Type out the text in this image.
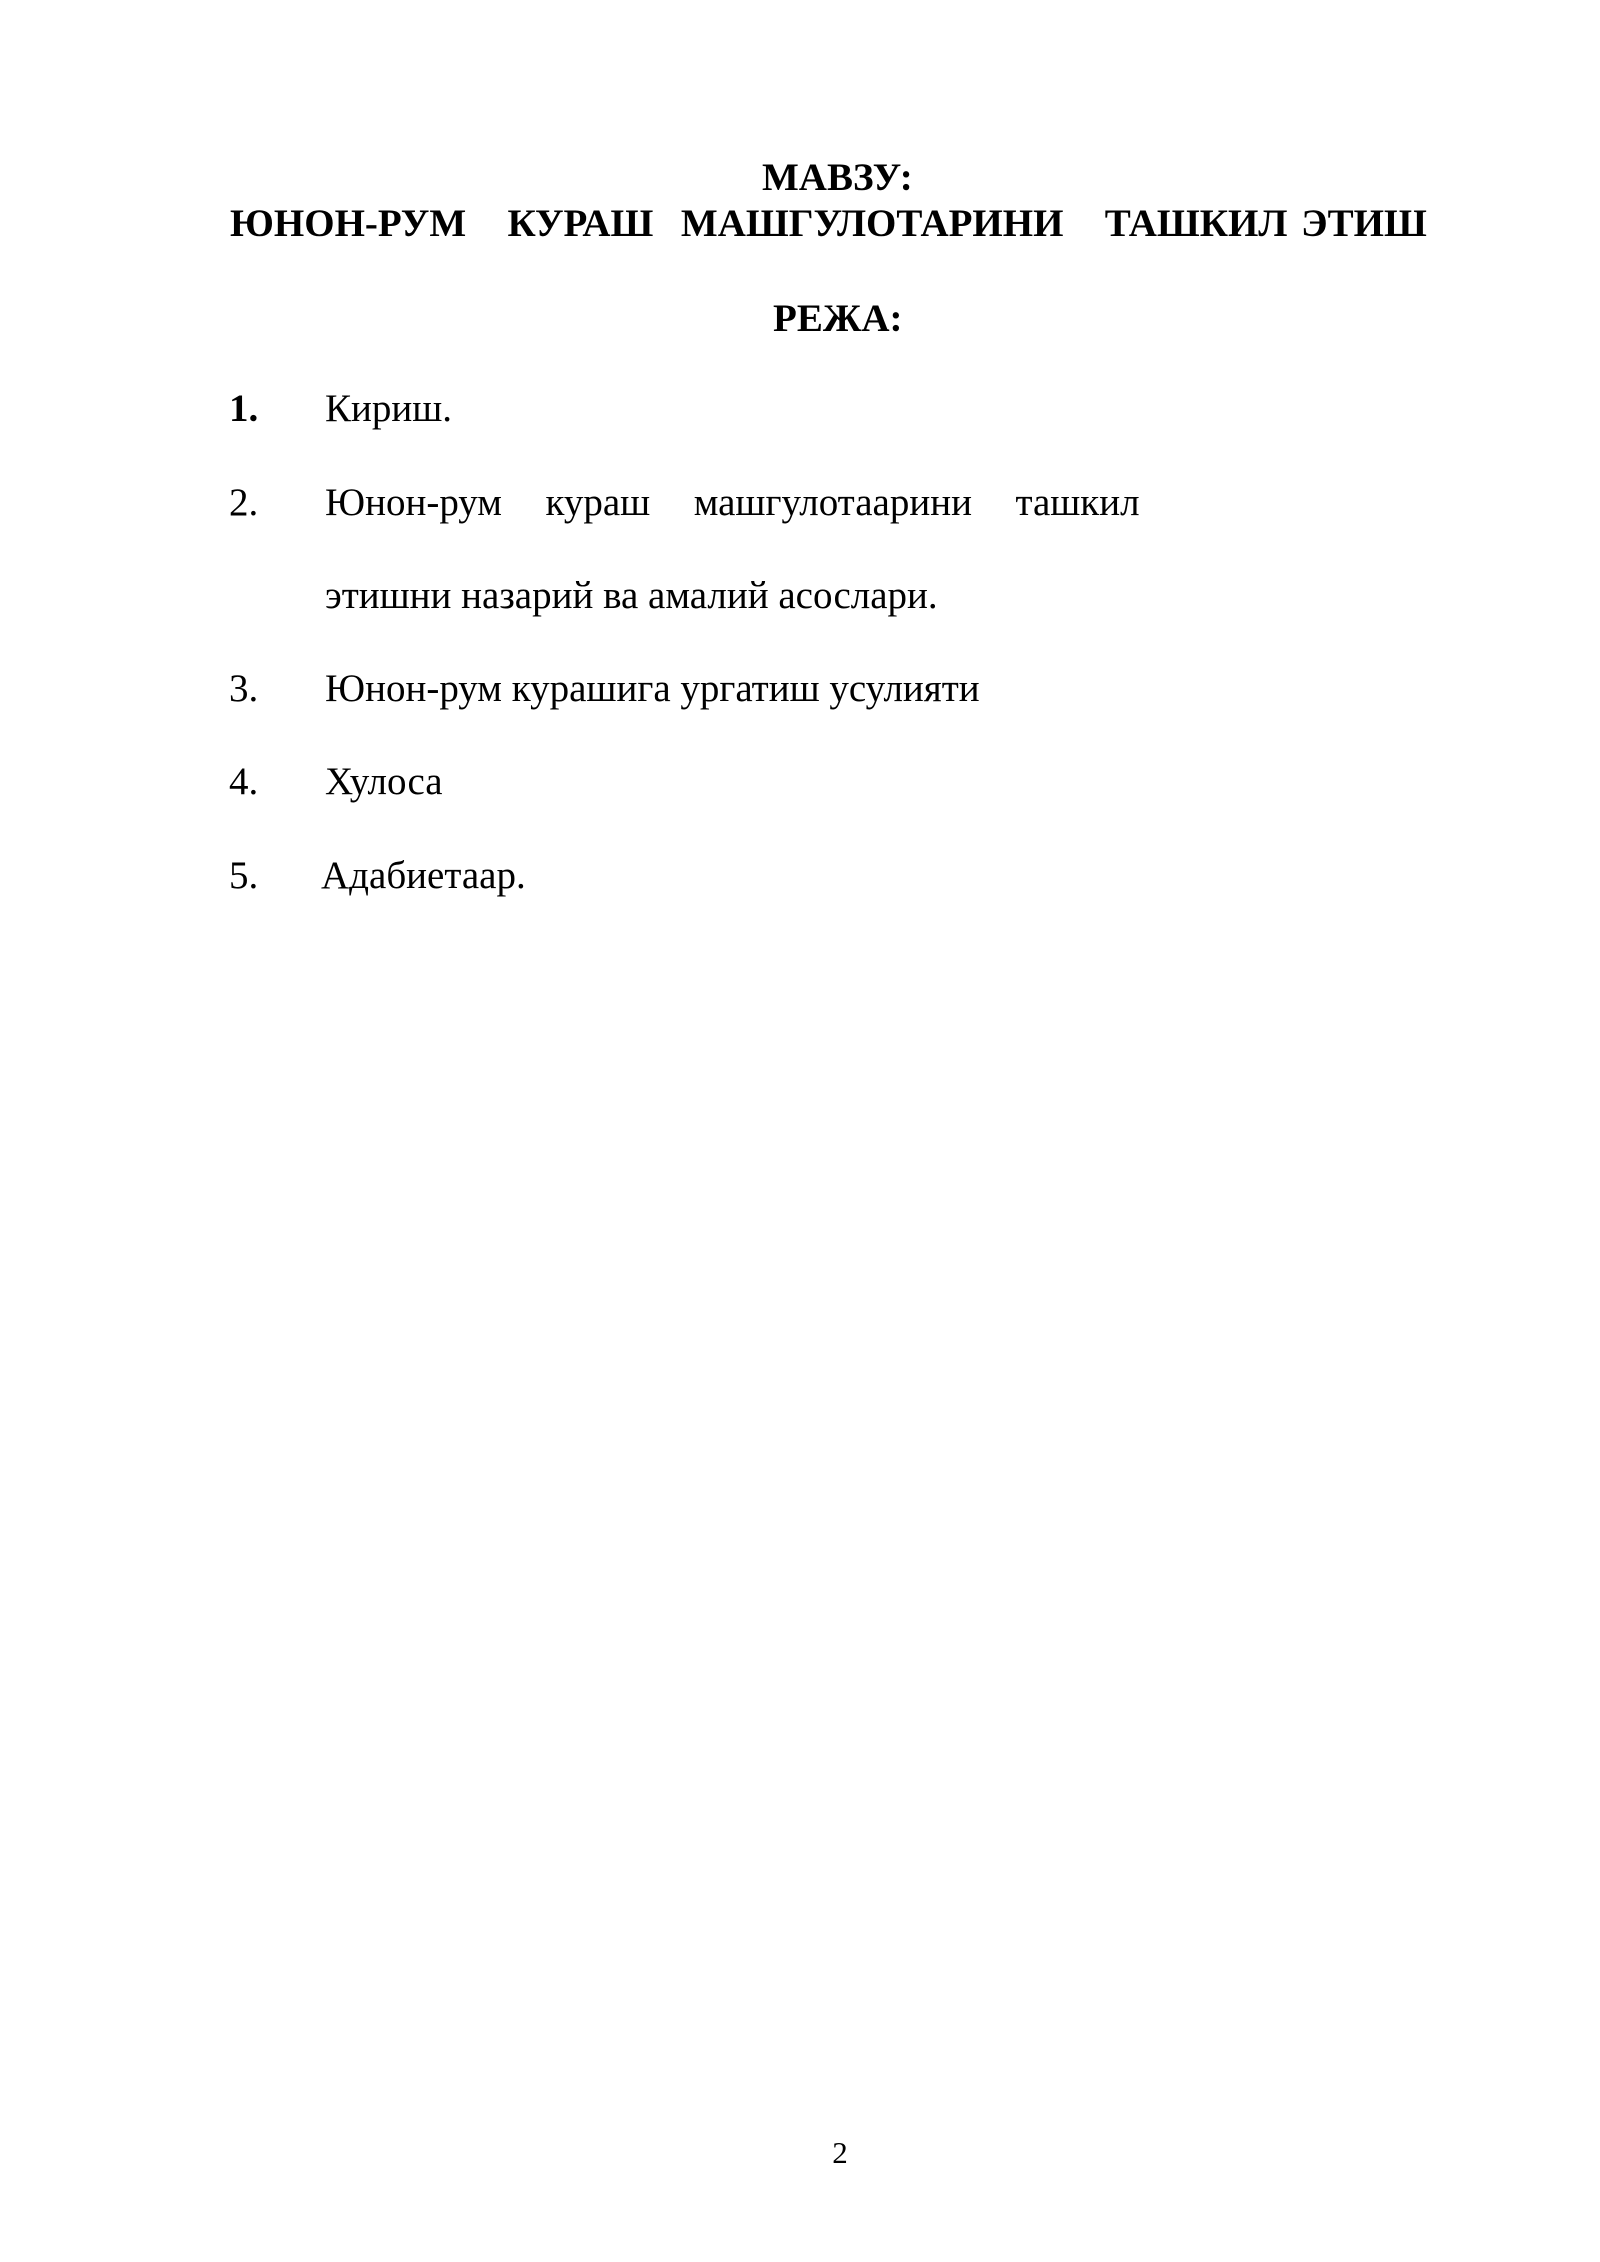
МАВЗУ:
ЮНОН-РУМ   КУРАШ  МАШГУЛОТАРИНИ   ТАШКИЛ ЭТИШ
РЕЖА:
1. Кириш.
2. Юнон-рум  кураш  машгулотаарини  ташкил
этишни назарий ва амалий асослари.
3. Юнон-рум курашига ургатиш усулияти
4. Хулоса
5. Адабиетаар.
2
